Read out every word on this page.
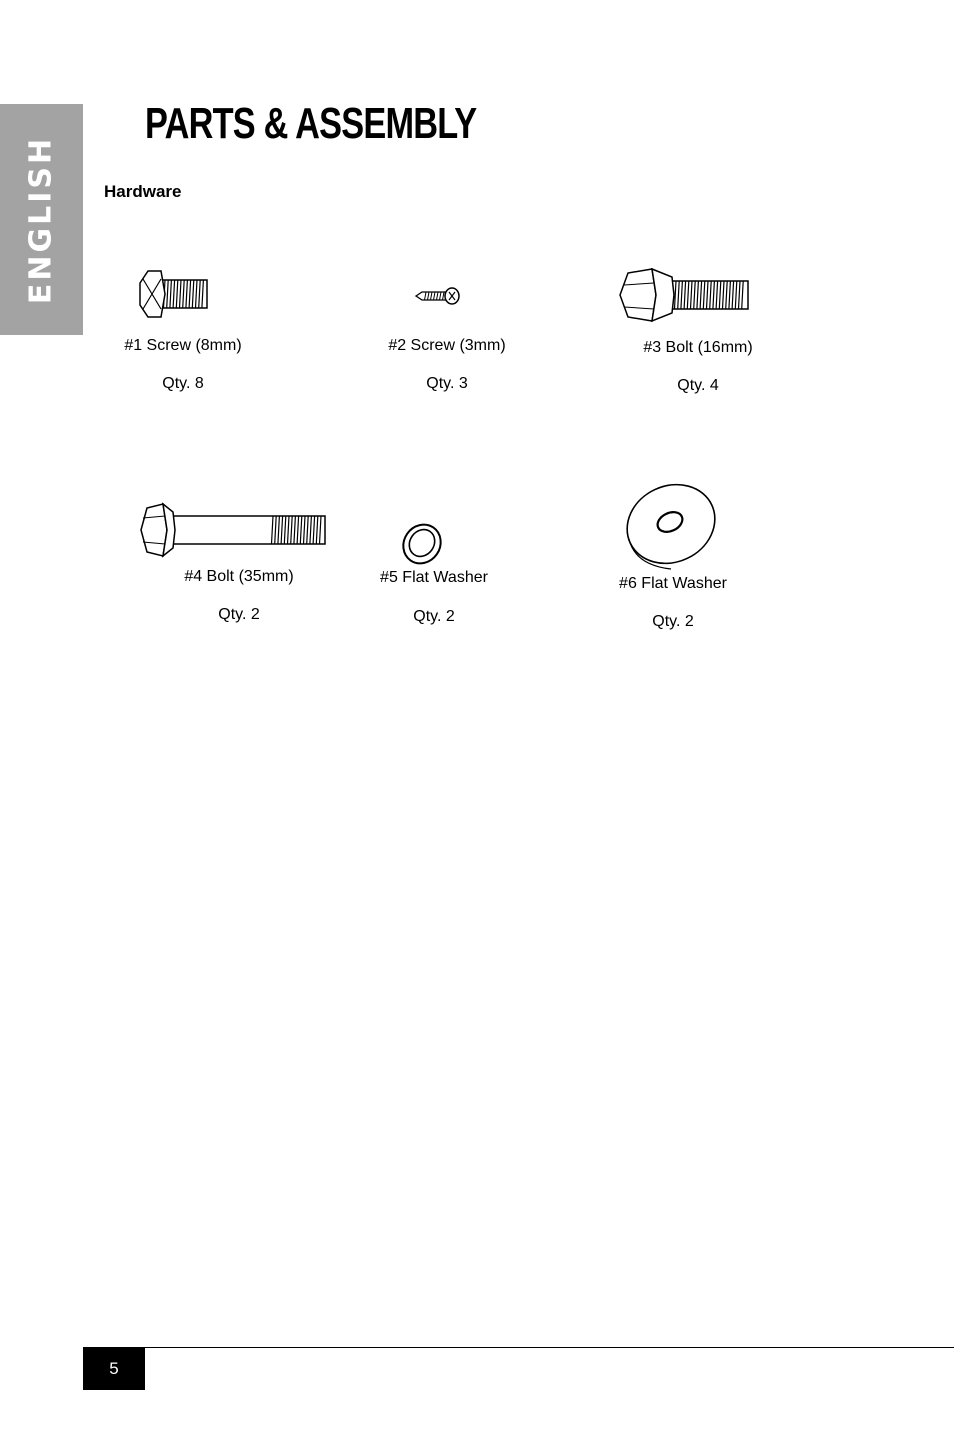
ENGLISH
PARTS & ASSEMBLY
Hardware
#1 Screw (8mm)
Qty. 8
#2 Screw (3mm)
Qty. 3
#3 Bolt (16mm)
Qty. 4
#4 Bolt (35mm)
Qty. 2
#5 Flat Washer
Qty. 2
#6 Flat Washer
Qty. 2
5
